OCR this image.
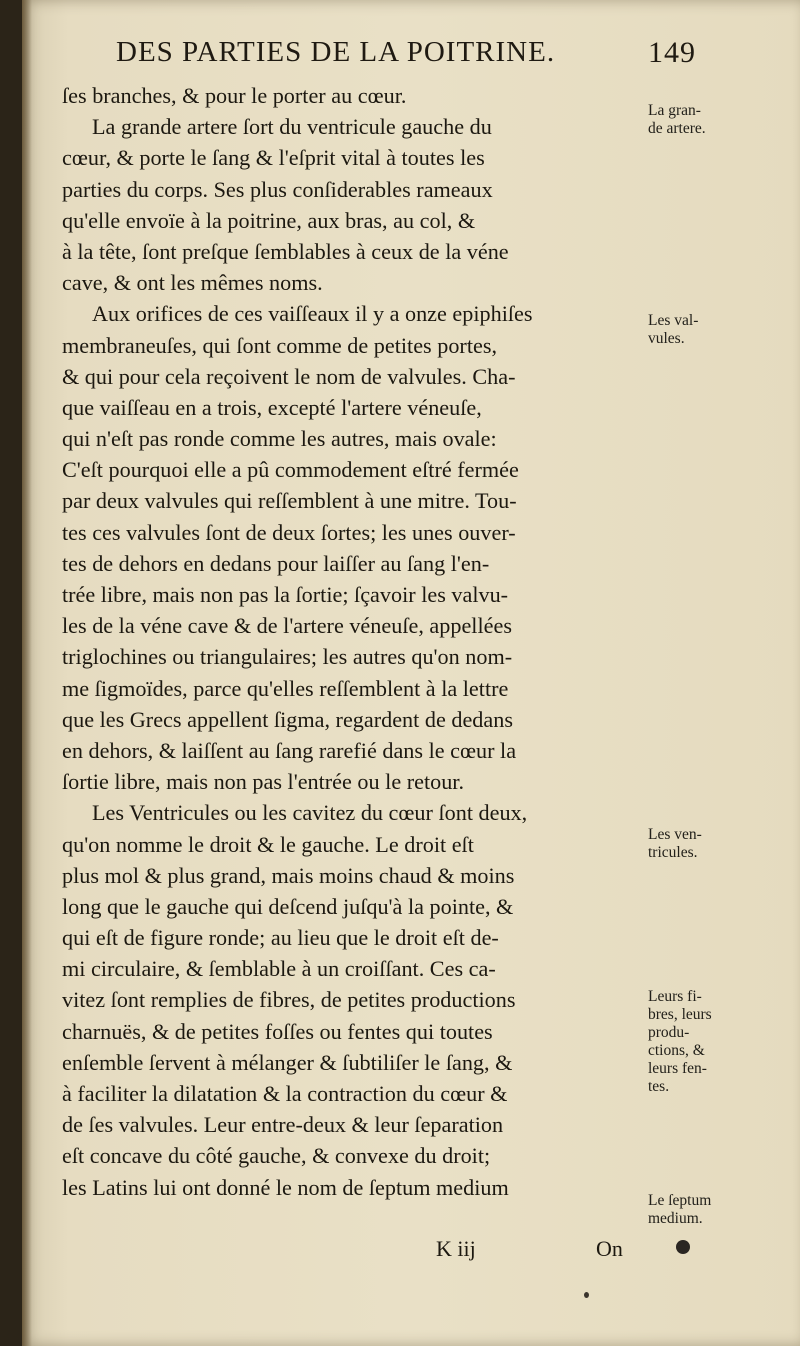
DES PARTIES DE LA POITRINE.	149
ſes branches, & pour le porter au cœur.
La grande artere ſort du ventricule gauche du
cœur, & porte le ſang & l'eſprit vital à toutes les
parties du corps. Ses plus conſiderables rameaux
qu'elle envoïe à la poitrine, aux bras, au col, &
à la tête, ſont preſque ſemblables à ceux de la véne
cave, & ont les mêmes noms.
Aux orifices de ces vaiſſeaux il y a onze epiphiſes
membraneuſes, qui ſont comme de petites portes,
& qui pour cela reçoivent le nom de valvules. Cha-
que vaiſſeau en a trois, excepté l'artere véneuſe,
qui n'eſt pas ronde comme les autres, mais ovale:
C'eſt pourquoi elle a pû commodement eſtré fermée
par deux valvules qui reſſemblent à une mitre. Tou-
tes ces valvules ſont de deux ſortes; les unes ouver-
tes de dehors en dedans pour laiſſer au ſang l'en-
trée libre, mais non pas la ſortie; ſçavoir les valvu-
les de la véne cave & de l'artere véneuſe, appellées
triglochines ou triangulaires; les autres qu'on nom-
me ſigmoïdes, parce qu'elles reſſemblent à la lettre
que les Grecs appellent ſigma, regardent de dedans
en dehors, & laiſſent au ſang rarefié dans le cœur la
ſortie libre, mais non pas l'entrée ou le retour.
Les Ventricules ou les cavitez du cœur ſont deux,
qu'on nomme le droit & le gauche. Le droit eſt
plus mol & plus grand, mais moins chaud & moins
long que le gauche qui deſcend juſqu'à la pointe, &
qui eſt de figure ronde; au lieu que le droit eſt de-
mi circulaire, & ſemblable à un croiſſant. Ces ca-
vitez ſont remplies de fibres, de petites productions
charnuës, & de petites foſſes ou fentes qui toutes
enſemble ſervent à mélanger & ſubtiliſer le ſang, &
à faciliter la dilatation & la contraction du cœur &
de ſes valvules. Leur entre-deux & leur ſeparation
eſt concave du côté gauche, & convexe du droit;
les Latins lui ont donné le nom de ſeptum medium
La gran-
de artere.
Les val-
vules.
Les ven-
tricules.
Leurs fi-
bres, leurs
produ-
ctions, &
leurs fen-
tes.
Le ſeptum
medium.
K iij	On
